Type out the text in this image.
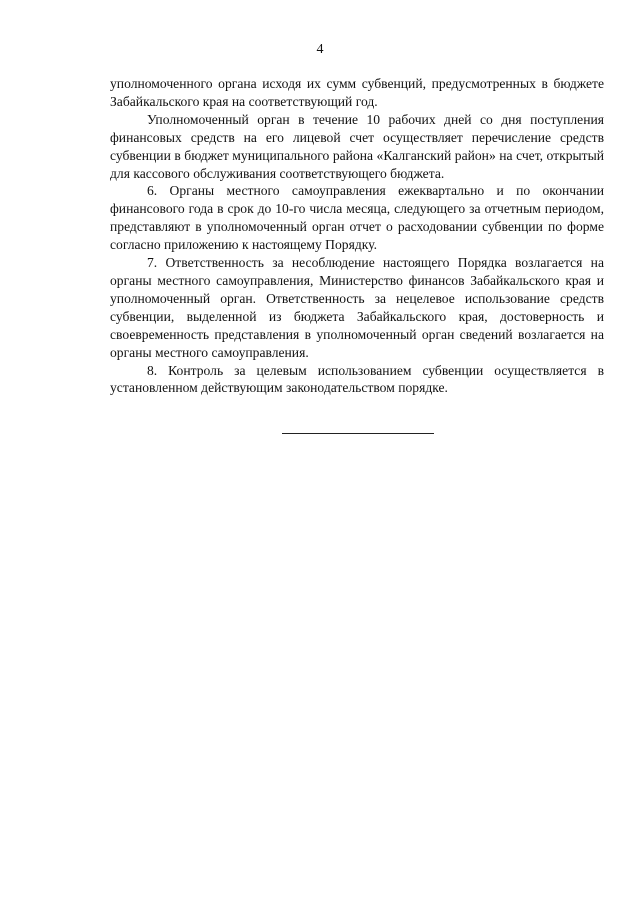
4

уполномоченного органа исходя их сумм субвенций, предусмотренных в бюджете Забайкальского края на соответствующий год.

Уполномоченный орган в течение 10 рабочих дней со дня поступления финансовых средств на его лицевой счет осуществляет перечисление средств субвенции в бюджет муниципального района «Калганский район» на счет, открытый для кассового обслуживания соответствующего бюджета.

6. Органы местного самоуправления ежеквартально и по окончании финансового года в срок до 10-го числа месяца, следующего за отчетным периодом, представляют в уполномоченный орган отчет о расходовании субвенции по форме согласно приложению к настоящему Порядку.

7. Ответственность за несоблюдение настоящего Порядка возлагается на органы местного самоуправления, Министерство финансов Забайкальского края и уполномоченный орган. Ответственность за нецелевое использование средств субвенции, выделенной из бюджета Забайкальского края, достоверность и своевременность представления в уполномоченный орган сведений возлагается на органы местного самоуправления.

8. Контроль за целевым использованием субвенции осуществляется в установленном действующим законодательством порядке.
